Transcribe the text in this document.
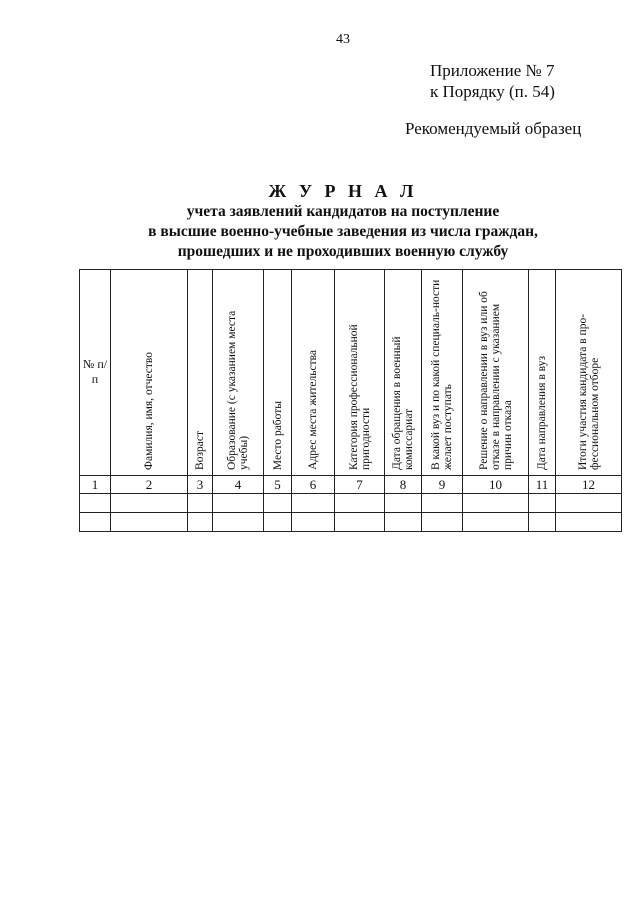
43
Приложение № 7
к Порядку (п. 54)
Рекомендуемый образец
Ж У Р Н А Л
учета заявлений кандидатов на поступление
в высшие военно-учебные заведения из числа граждан,
прошедших и не проходивших военную службу
№ п/п	Фамилия, имя, отчество	Возраст	Образование (с указанием места учебы)	Место работы	Адрес места жительства	Категория профессиональной пригодности	Дата обращения в военный комиссариат	В какой вуз и по какой специаль-ности желает поступать	Решение о направлении в вуз или об отказе в направлении с указанием причин отказа	Дата направления в вуз	Итоги участия кандидата в про-фессиональном отборе
1	2	3	4	5	6	7	8	9	10	11	12
